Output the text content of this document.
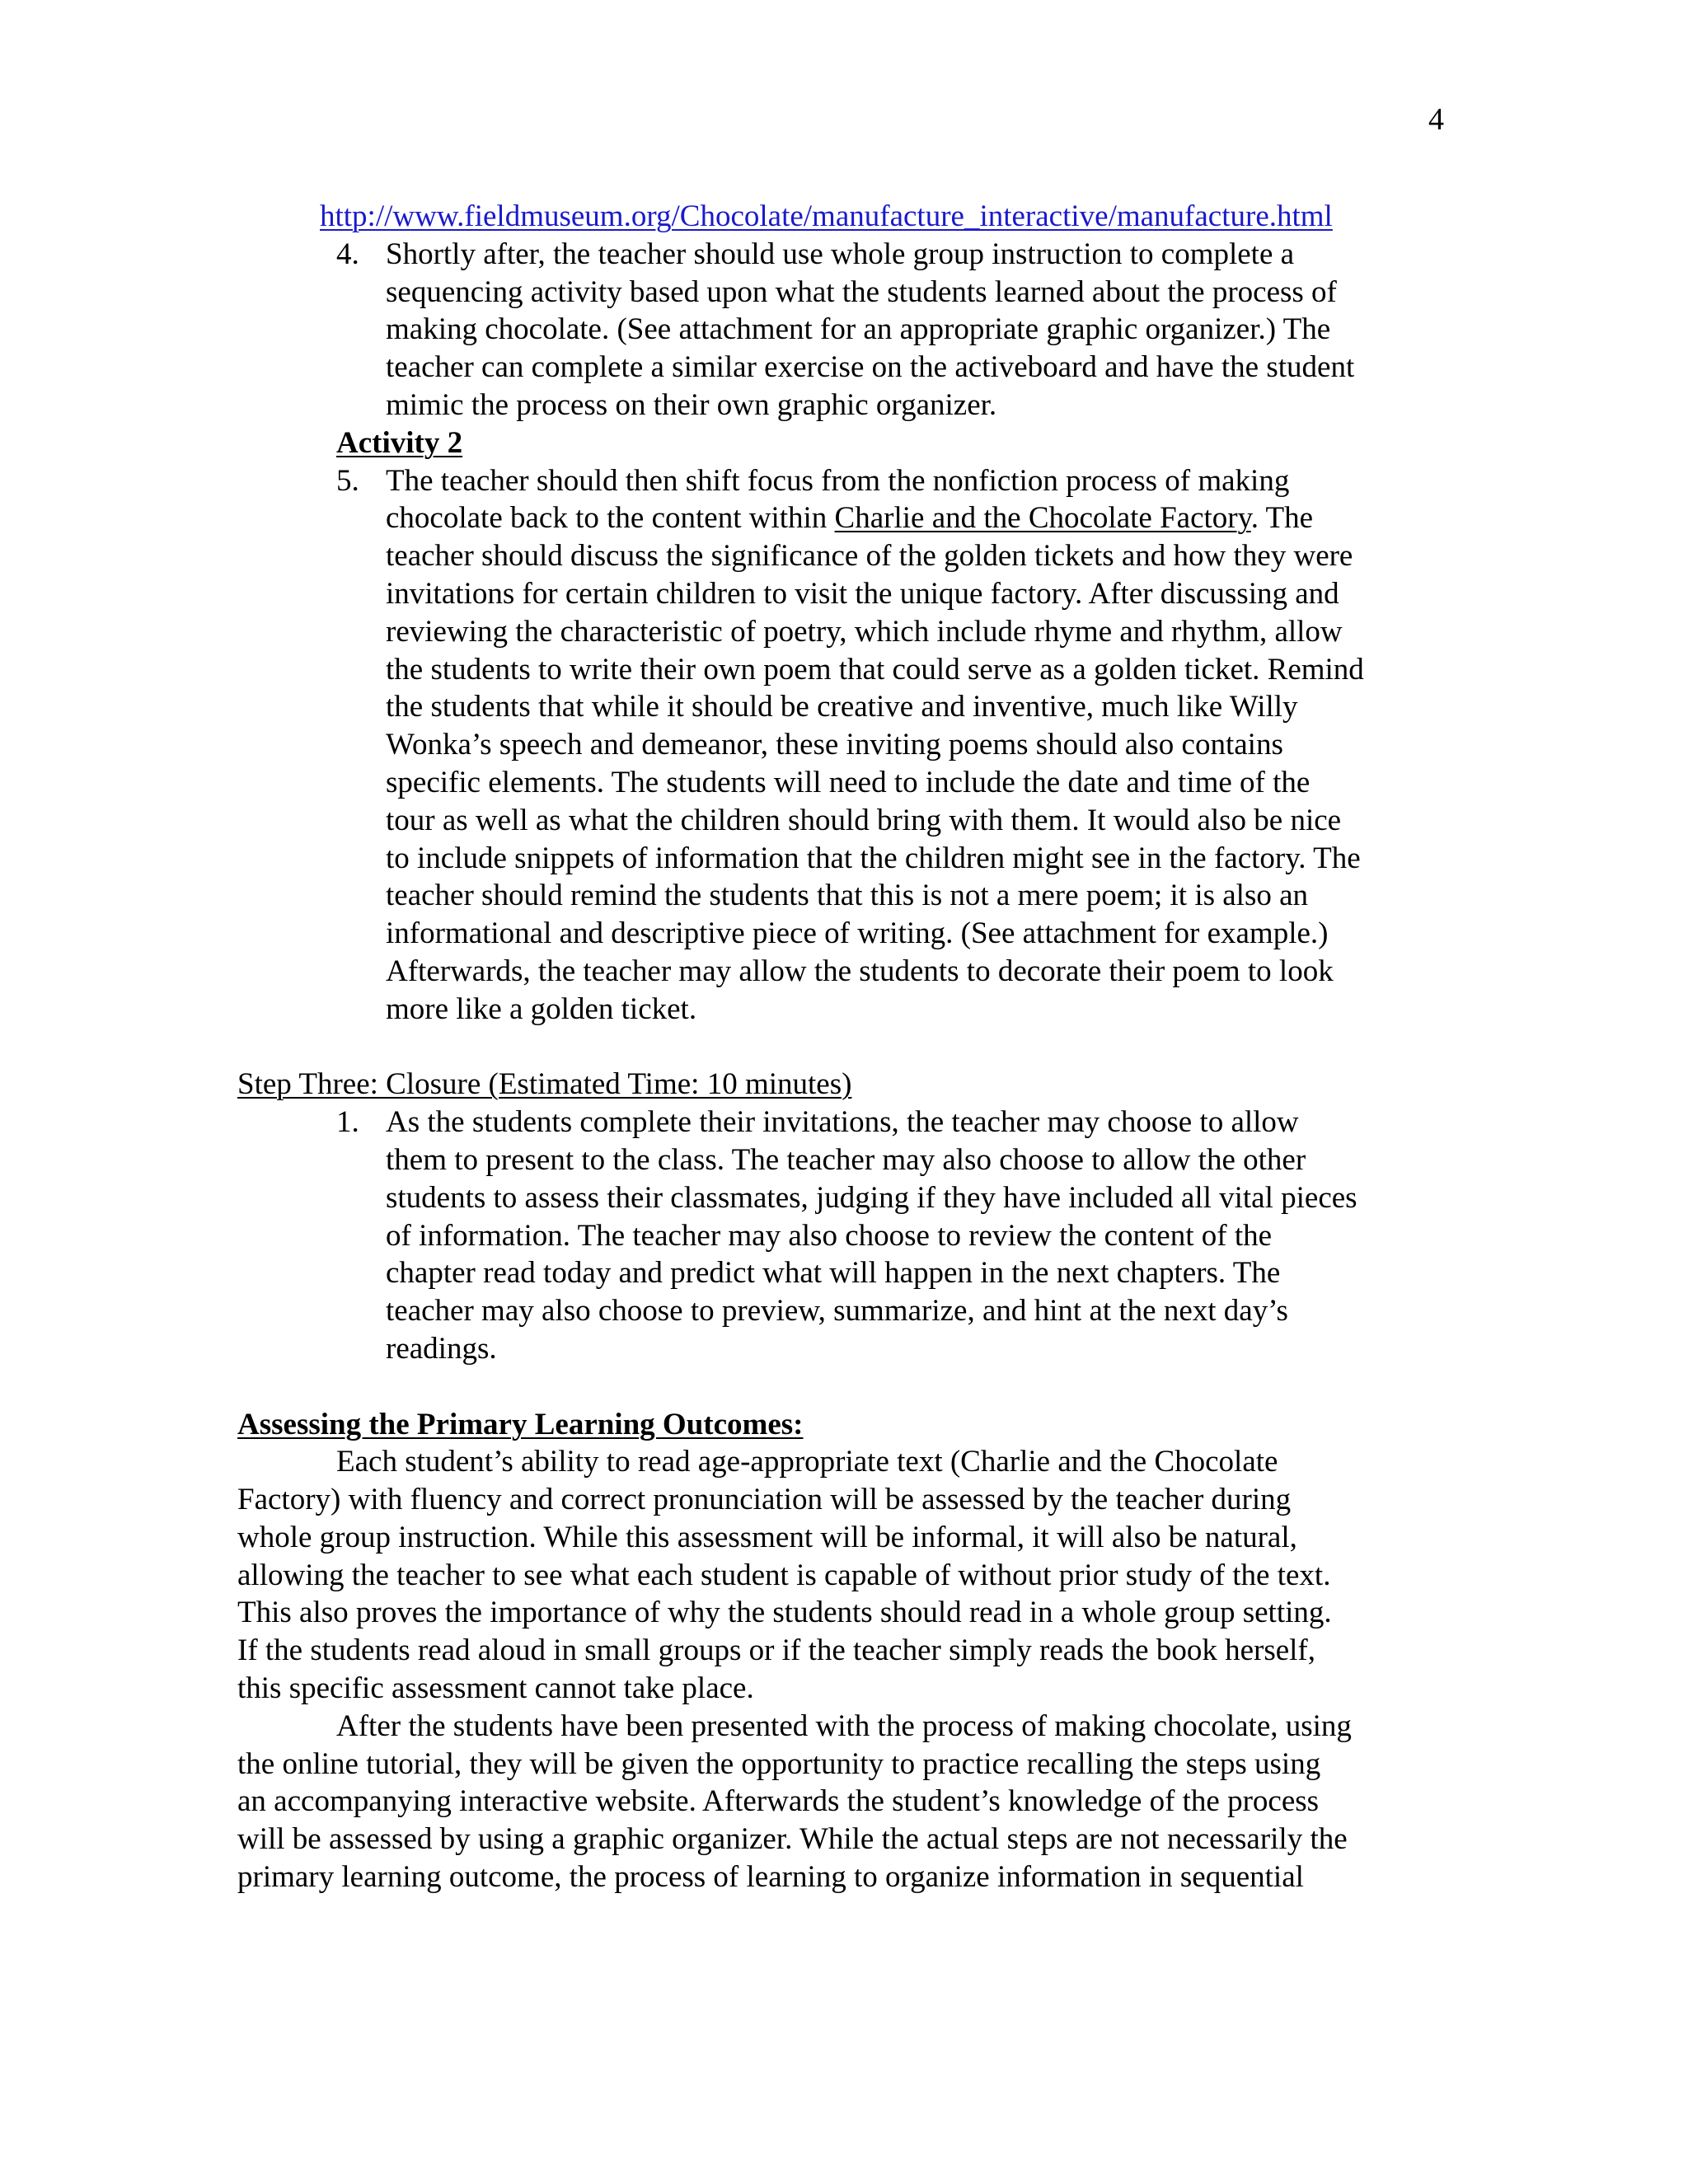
4
http://www.fieldmuseum.org/Chocolate/manufacture_interactive/manufacture.html
4. Shortly after, the teacher should use whole group instruction to complete a
sequencing activity based upon what the students learned about the process of
making chocolate. (See attachment for an appropriate graphic organizer.) The
teacher can complete a similar exercise on the activeboard and have the student
mimic the process on their own graphic organizer.
Activity 2
5. The teacher should then shift focus from the nonfiction process of making
chocolate back to the content within Charlie and the Chocolate Factory. The
teacher should discuss the significance of the golden tickets and how they were
invitations for certain children to visit the unique factory. After discussing and
reviewing the characteristic of poetry, which include rhyme and rhythm, allow
the students to write their own poem that could serve as a golden ticket. Remind
the students that while it should be creative and inventive, much like Willy
Wonka’s speech and demeanor, these inviting poems should also contains
specific elements. The students will need to include the date and time of the
tour as well as what the children should bring with them. It would also be nice
to include snippets of information that the children might see in the factory. The
teacher should remind the students that this is not a mere poem; it is also an
informational and descriptive piece of writing. (See attachment for example.)
Afterwards, the teacher may allow the students to decorate their poem to look
more like a golden ticket.
Step Three: Closure (Estimated Time: 10 minutes)
1. As the students complete their invitations, the teacher may choose to allow
them to present to the class. The teacher may also choose to allow the other
students to assess their classmates, judging if they have included all vital pieces
of information. The teacher may also choose to review the content of the
chapter read today and predict what will happen in the next chapters. The
teacher may also choose to preview, summarize, and hint at the next day’s
readings.
Assessing the Primary Learning Outcomes:
Each student’s ability to read age-appropriate text (Charlie and the Chocolate
Factory) with fluency and correct pronunciation will be assessed by the teacher during
whole group instruction. While this assessment will be informal, it will also be natural,
allowing the teacher to see what each student is capable of without prior study of the text.
This also proves the importance of why the students should read in a whole group setting.
If the students read aloud in small groups or if the teacher simply reads the book herself,
this specific assessment cannot take place.
After the students have been presented with the process of making chocolate, using
the online tutorial, they will be given the opportunity to practice recalling the steps using
an accompanying interactive website. Afterwards the student’s knowledge of the process
will be assessed by using a graphic organizer. While the actual steps are not necessarily the
primary learning outcome, the process of learning to organize information in sequential
